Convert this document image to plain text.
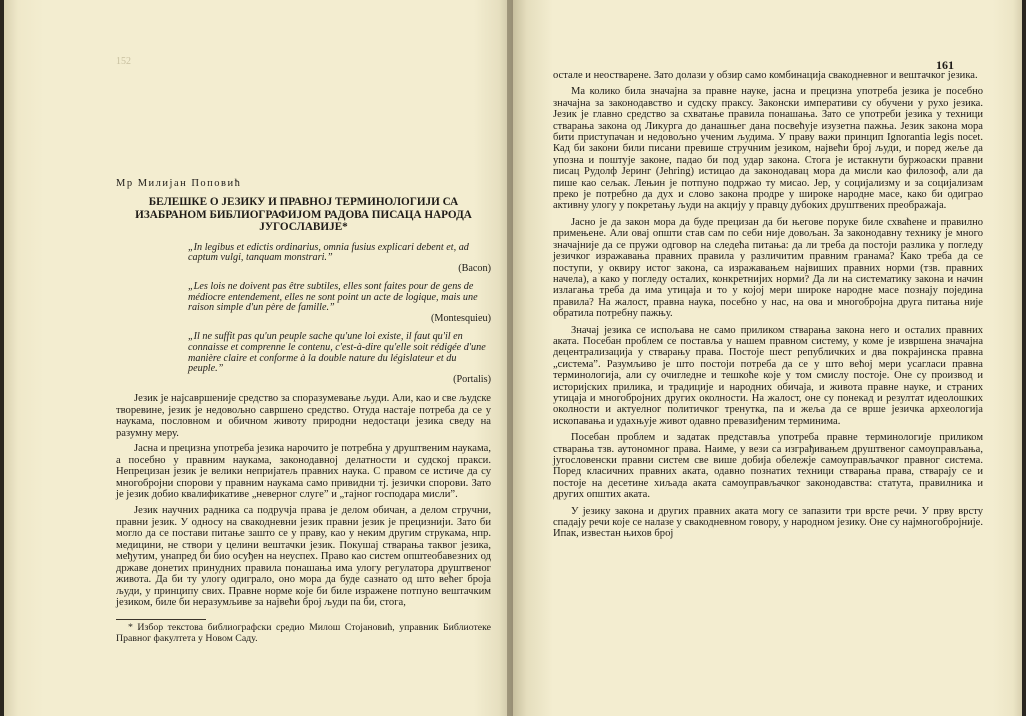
152

Мр Милијан Поповић

БЕЛЕШКЕ О ЈЕЗИКУ И ПРАВНОЈ ТЕРМИНОЛОГИЈИ СА ИЗАБРАНОМ БИБЛИОГРАФИЈОМ РАДОВА ПИСАЦА НАРОДА ЈУГОСЛАВИЈЕ*

„In legibus et edictis ordinarius, omnia fusius explicari debent et, ad captum vulgi, tanquam monstrari.”
(Bacon)
„Les lois ne doivent pas être subtiles, elles sont faites pour de gens de médiocre entendement, elles ne sont point un acte de logique, mais une raison simple d'un père de famille.”
(Montesquieu)
„Il ne suffit pas qu'un peuple sache qu'une loi existe, il faut qu'il en connaisse et comprenne le contenu, c'est-à-dire qu'elle soit rédigée d'une manière claire et conforme à la double nature du législateur et du peuple.”
(Portalis)

Језик је најсавршеније средство за споразумевање људи. Али, као и све људске творевине, језик је недовољно савршено средство. Отуда настаје потреба да се у наукама, пословном и обичном животу природни недостаци језика сведу на разумну меру.

Јасна и прецизна употреба језика нарочито је потребна у друштвеним наукама, а посебно у правним наукама, законодавној делатности и судској пракси. Непрецизан језик је велики непријатељ правних наука. С правом се истиче да су многобројни спорови у правним наукама само привидни тј. језички спорови. Зато је језик добио квалификативе „неверног слуге” и „тајног господара мисли”.

Језик научних радника са подручја права је делом обичан, а делом стручни, правни језик. У односу на свакодневни језик правни језик је прецизнији. Зато би могло да се постави питање зашто се у праву, као у неким другим струкама, нпр. медицини, не створи у целини вештачки језик. Покушај стварања таквог језика, међутим, унапред би био осуђен на неуспех. Право као систем општеобавезних од државе донетих принудних правила понашања има улогу регулатора друштвеног живота. Да би ту улогу одиграло, оно мора да буде сазнато од што већег броја људи, у принципу свих. Правне норме које би биле изражене потпуно вештачким језиком, биле би неразумљиве за највећи број људи па би, стога,

* Избор текстова библиографски средио Милош Стојановић, управник Библиотеке Правног факултета у Новом Саду.

161

остале и неостварене. Зато долази у обзир само комбинација свакодневног и вештачког језика.

Ма колико била значајна за правне науке, јасна и прецизна употреба језика је посебно значајна за законодавство и судску праксу. Законски императиви су обучени у рухо језика. Језик је главно средство за схватање правила понашања. Зато се употреби језика у техници стварања закона од Ликурга до данашњег дана посвећује изузетна пажња. Језик закона мора бити приступачан и недовољно ученим људима. У праву важи принцип Ignorantia legis nocet. Кад би закони били писани превише стручним језиком, највећи број људи, и поред жеље да упозна и поштује законе, падао би под удар закона. Стога је истакнути буржоаски правни писац Рудолф Јеринг (Jehring) истицао да законодавац мора да мисли као филозоф, али да пише као сељак. Лењин је потпуно подржао ту мисао. Јер, у социјализму и за социјализам преко је потребно да дух и слово закона продре у широке народне масе, како би одиграо активну улогу у покретању људи на акцију у правцу дубоких друштвених преображаја.

Јасно је да закон мора да буде прецизан да би његове поруке биле схваћене и правилно примењене. Али овај општи став сам по себи није довољан. За законодавну технику је много значајније да се пружи одговор на следећа питања: да ли треба да постоји разлика у погледу језичког изражавања правних правила у различитим правним гранама? Како треба да се поступи, у оквиру истог закона, са изражавањем највиших правних норми (тзв. правних начела), а како у погледу осталих, конкретнијих норми? Да ли на систематику закона и начин излагања треба да има утицаја и то у којој мери широке народне масе познају поједина правила? На жалост, правна наука, посебно у нас, на ова и многобројна друга питања није обратила потребну пажњу.

Значај језика се испољава не само приликом стварања закона него и осталих правних аката. Посебан проблем се поставља у нашем правном систему, у коме је извршена значајна децентрализација у стварању права. Постоје шест републичких и два покрајинска правна „система”. Разумљиво је што постоји потреба да се у што већој мери усагласи правна терминологија, али су очигледне и тешкоће које у том смислу постоје. Оне су производ и историјских прилика, и традиције и народних обичаја, и живота правне науке, и страних утицаја и многобројних других околности. На жалост, оне су понекад и резултат идеолошких околности и актуелног политичког тренутка, па и жеља да се врше језичка археологија ископавања и удахњује живот одавно превазиђеним терминима.

Посебан проблем и задатак представља употреба правне терминологије приликом стварања тзв. аутономног права. Наиме, у вези са изграђивањем друштвеног самоуправљања, југословенски правни систем све више добија обележје самоуправљачког правног система. Поред класичних правних аката, одавно познатих техници стварања права, стварају се и постоје на десетине хиљада аката самоуправљачког законодавства: статута, правилника и других општих аката.

У језику закона и других правних аката могу се запазити три врсте речи. У прву врсту спадају речи које се налазе у свакодневном говору, у народном језику. Оне су најмногобројније. Ипак, известан њихов број
